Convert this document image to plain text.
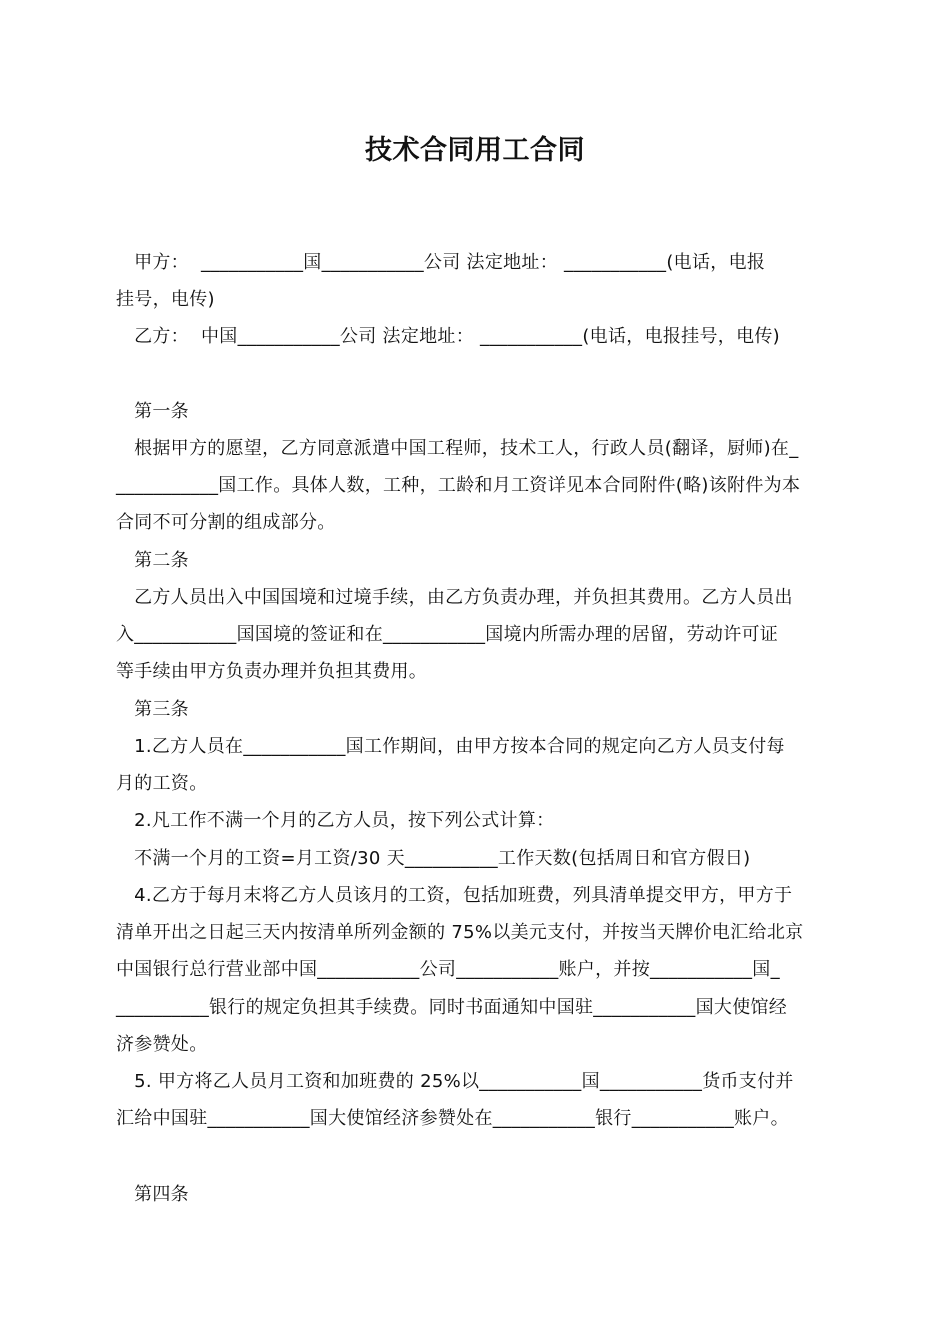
技术合同用工合同
甲方：  ___________国___________公司 法定地址： ___________(电话，电报
挂号，电传)
乙方：  中国___________公司 法定地址： ___________(电话，电报挂号，电传)
第一条
根据甲方的愿望，乙方同意派遣中国工程师，技术工人，行政人员(翻译，厨师)在_
___________国工作。具体人数，工种，工龄和月工资详见本合同附件(略)该附件为本
合同不可分割的组成部分。
第二条
乙方人员出入中国国境和过境手续，由乙方负责办理，并负担其费用。乙方人员出
入___________国国境的签证和在___________国境内所需办理的居留，劳动许可证
等手续由甲方负责办理并负担其费用。
第三条
1.乙方人员在___________国工作期间，由甲方按本合同的规定向乙方人员支付每
月的工资。
2.凡工作不满一个月的乙方人员，按下列公式计算：
不满一个月的工资=月工资/30 天__________工作天数(包括周日和官方假日)
4.乙方于每月末将乙方人员该月的工资，包括加班费，列具清单提交甲方，甲方于
清单开出之日起三天内按清单所列金额的 75%以美元支付，并按当天牌价电汇给北京
中国银行总行营业部中国___________公司___________账户，并按___________国_
__________银行的规定负担其手续费。同时书面通知中国驻___________国大使馆经
济参赞处。
5. 甲方将乙人员月工资和加班费的 25%以___________国___________货币支付并
汇给中国驻___________国大使馆经济参赞处在___________银行___________账户。
第四条
